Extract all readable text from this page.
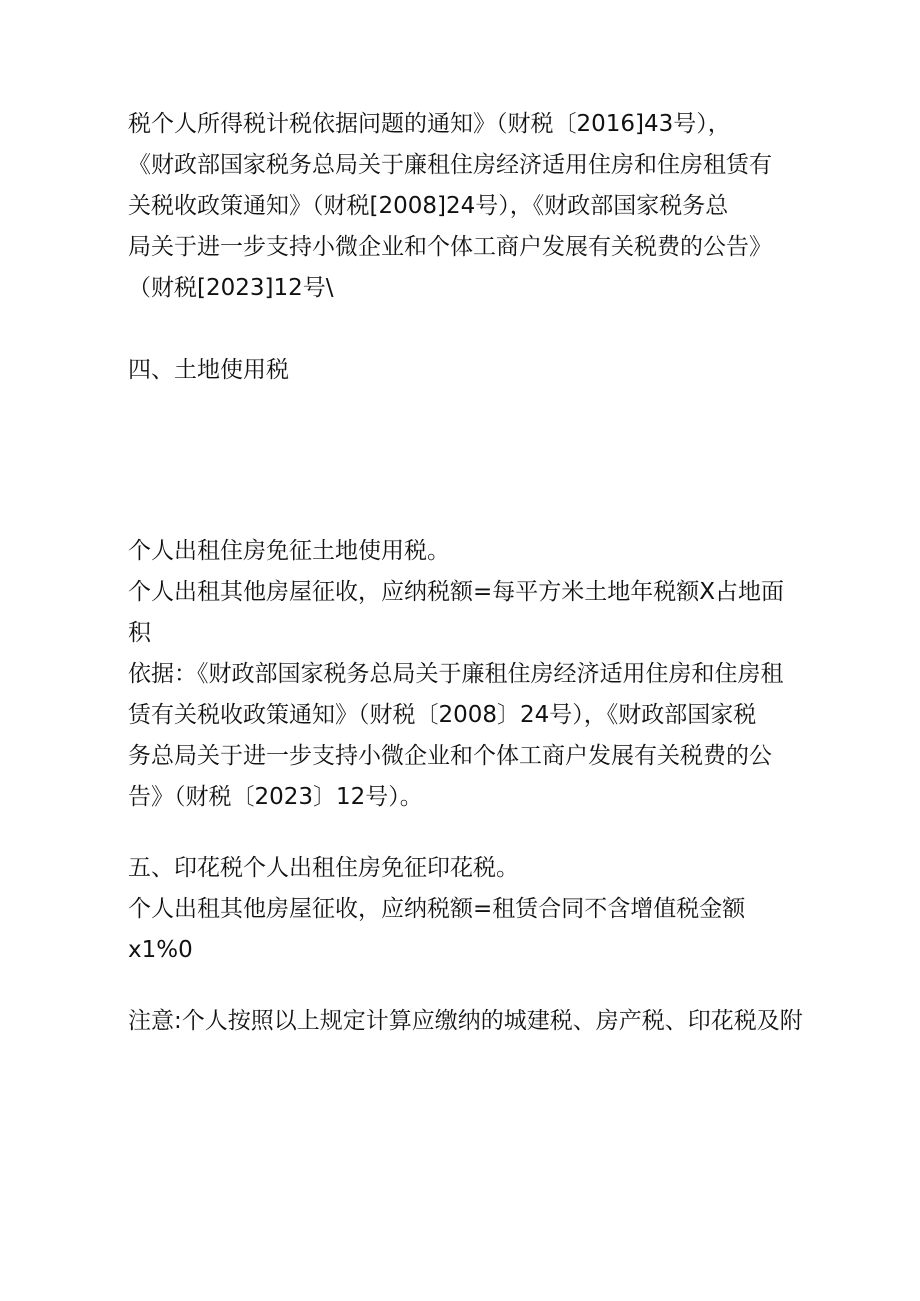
税个人所得税计税依据问题的通知》（财税〔2016]43号），
《财政部国家税务总局关于廉租住房经济适用住房和住房租赁有
关税收政策通知》（财税[2008]24号），《财政部国家税务总
局关于进一步支持小微企业和个体工商户发展有关税费的公告》
（财税[2023]12号\
四、土地使用税
个人出租住房免征土地使用税。
个人出租其他房屋征收，应纳税额=每平方米土地年税额X占地面
积
依据：《财政部国家税务总局关于廉租住房经济适用住房和住房租
赁有关税收政策通知》（财税〔2008〕24号），《财政部国家税
务总局关于进一步支持小微企业和个体工商户发展有关税费的公
告》（财税〔2023〕12号）。
五、印花税个人出租住房免征印花税。
个人出租其他房屋征收，应纳税额=租赁合同不含增值税金额
x1%0
注意:个人按照以上规定计算应缴纳的城建税、房产税、印花税及附
